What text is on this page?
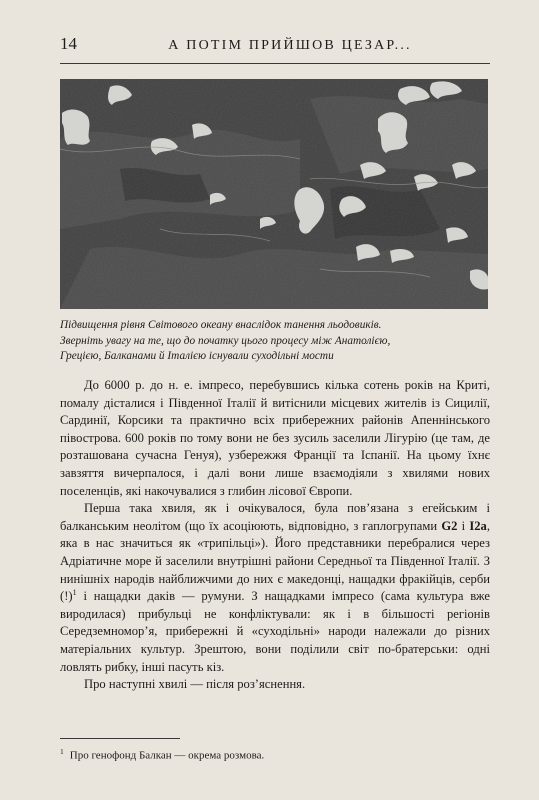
14	А ПОТІМ ПРИЙШОВ ЦЕЗАР...

Підвищення рівня Світового океану внаслідок танення льодовиків.

Зверніть увагу на те, що до початку цього процесу між Анатолією,

Грецією, Балканами й Італією існували суходільні мости

До 6000 р. до н. е. імпресо, перебувшись кілька сотень років на Криті, помалу дісталися і Південної Італії й витіснили місцевих жителів із Сицилії, Сардинії, Корсики та практично всіх прибережних районів Апеннінського півострова. 600 років по тому вони не без зусиль заселили Лігурію (це там, де розташована сучасна Генуя), узбережжя Франції та Іспанії. На цьому їхнє завзяття вичерпалося, і далі вони лише взаємодіяли з хвилями нових поселенців, які накочувалися з глибин лісової Європи.

Перша така хвиля, як і очікувалося, була пов’язана з егейським і балканським неолітом (що їх асоціюють, відповідно, з гаплогрупами G2 і I2a, яка в нас значиться як «трипільці»). Його представники перебралися через Адріатичне море й заселили внутрішні райони Середньої та Південної Італії. З нинішніх народів найближчими до них є македонці, нащадки фракійців, серби (!)$^1$ і нащадки даків — румуни. З нащадками імпресо (сама культура вже виродилася) прибульці не конфліктували: як і в більшості регіонів Середземномор’я, прибережні й «суходільні» народи належали до різних матеріальних культур. Зрештою, вони поділили світ по-братерськи: одні ловлять рибку, інші пасуть кіз.

Про наступні хвилі — після роз’яснення.

$^1$ Про генофонд Балкан — окрема розмова.
